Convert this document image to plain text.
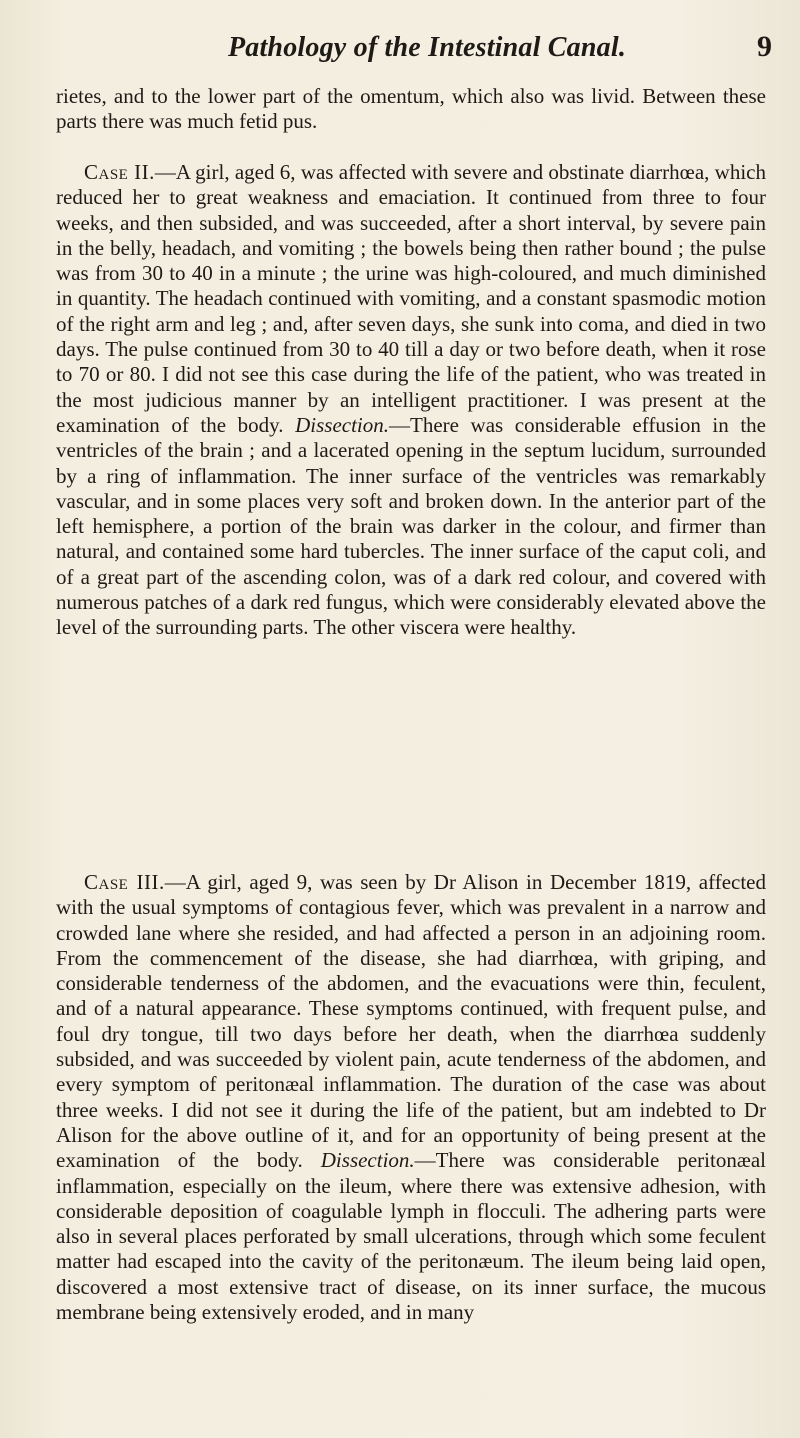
Pathology of the Intestinal Canal.	9

rietes, and to the lower part of the omentum, which also was livid. Between these parts there was much fetid pus.

Case II.—A girl, aged 6, was affected with severe and obstinate diarrhœa, which reduced her to great weakness and emaciation. It continued from three to four weeks, and then subsided, and was succeeded, after a short interval, by severe pain in the belly, headach, and vomiting ; the bowels being then rather bound ; the pulse was from 30 to 40 in a minute ; the urine was high-coloured, and much diminished in quantity. The headach continued with vomiting, and a constant spasmodic motion of the right arm and leg ; and, after seven days, she sunk into coma, and died in two days. The pulse continued from 30 to 40 till a day or two before death, when it rose to 70 or 80. I did not see this case during the life of the patient, who was treated in the most judicious manner by an intelligent practitioner. I was present at the examination of the body. Dissection.—There was considerable effusion in the ventricles of the brain ; and a lacerated opening in the septum lucidum, surrounded by a ring of inflammation. The inner surface of the ventricles was remarkably vascular, and in some places very soft and broken down. In the anterior part of the left hemisphere, a portion of the brain was darker in the colour, and firmer than natural, and contained some hard tubercles. The inner surface of the caput coli, and of a great part of the ascending colon, was of a dark red colour, and covered with numerous patches of a dark red fungus, which were considerably elevated above the level of the surrounding parts. The other viscera were healthy.

Case III.—A girl, aged 9, was seen by Dr Alison in December 1819, affected with the usual symptoms of contagious fever, which was prevalent in a narrow and crowded lane where she resided, and had affected a person in an adjoining room. From the commencement of the disease, she had diarrhœa, with griping, and considerable tenderness of the abdomen, and the evacuations were thin, feculent, and of a natural appearance. These symptoms continued, with frequent pulse, and foul dry tongue, till two days before her death, when the diarrhœa suddenly subsided, and was succeeded by violent pain, acute tenderness of the abdomen, and every symptom of peritonæal inflammation. The duration of the case was about three weeks. I did not see it during the life of the patient, but am indebted to Dr Alison for the above outline of it, and for an opportunity of being present at the examination of the body. Dissection.—There was considerable peritonæal inflammation, especially on the ileum, where there was extensive adhesion, with considerable deposition of coagulable lymph in flocculi. The adhering parts were also in several places perforated by small ulcerations, through which some feculent matter had escaped into the cavity of the peritonæum. The ileum being laid open, discovered a most extensive tract of disease, on its inner surface, the mucous membrane being extensively eroded, and in many
